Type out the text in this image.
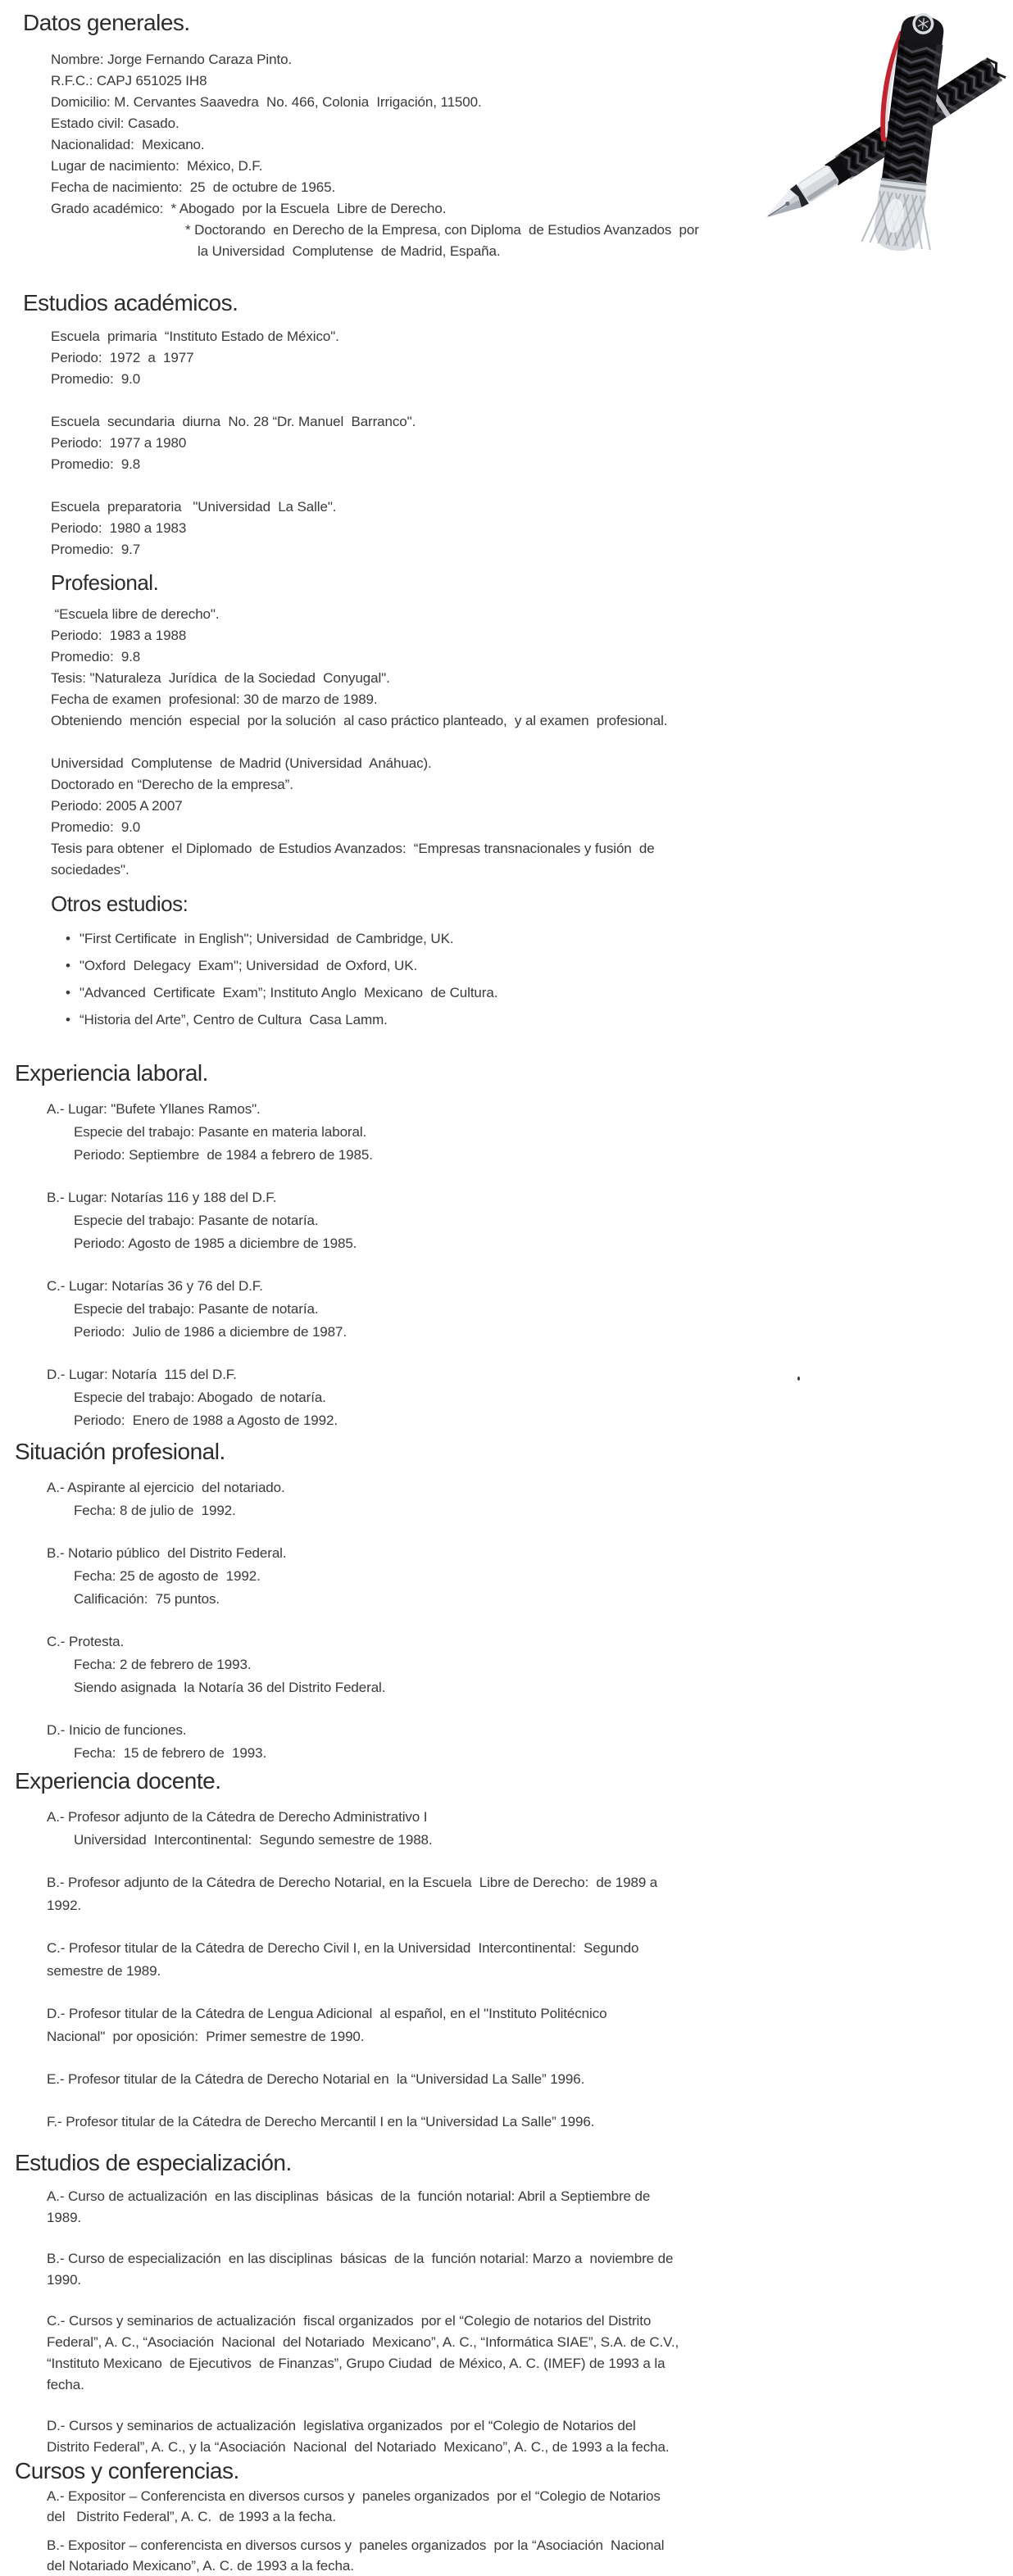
Datos generales.
Nombre: Jorge Fernando Caraza Pinto.
R.F.C.: CAPJ 651025 IH8
Domicilio: M. Cervantes Saavedra  No. 466, Colonia  Irrigación, 11500.
Estado civil: Casado.
Nacionalidad:  Mexicano.
Lugar de nacimiento:  México, D.F.
Fecha de nacimiento:  25  de octubre de 1965.
Grado académico:  * Abogado  por la Escuela  Libre de Derecho.
* Doctorando  en Derecho de la Empresa, con Diploma  de Estudios Avanzados  por
la Universidad  Complutense  de Madrid, España.
Estudios académicos.
Escuela  primaria  “Instituto Estado de México".
Periodo:  1972  a  1977
Promedio:  9.0
Escuela  secundaria  diurna  No. 28 “Dr. Manuel  Barranco".
Periodo:  1977 a 1980
Promedio:  9.8
Escuela  preparatoria   "Universidad  La Salle".
Periodo:  1980 a 1983
Promedio:  9.7
Profesional.
“Escuela libre de derecho".
Periodo:  1983 a 1988
Promedio:  9.8
Tesis: "Naturaleza  Jurídica  de la Sociedad  Conyugal".
Fecha de examen  profesional: 30 de marzo de 1989.
Obteniendo  mención  especial  por la solución  al caso práctico planteado,  y al examen  profesional.
Universidad  Complutense  de Madrid (Universidad  Anáhuac).
Doctorado en “Derecho de la empresa”.
Periodo: 2005 A 2007
Promedio:  9.0
Tesis para obtener  el Diplomado  de Estudios Avanzados:  “Empresas transnacionales y fusión  de
sociedades".
Otros estudios:
• "First Certificate  in English"; Universidad  de Cambridge, UK.
• "Oxford  Delegacy  Exam"; Universidad  de Oxford, UK.
• "Advanced  Certificate  Exam”; Instituto Anglo  Mexicano  de Cultura.
• “Historia del Arte”, Centro de Cultura  Casa Lamm.
Experiencia laboral.
A.- Lugar: "Bufete Yllanes Ramos".
Especie del trabajo: Pasante en materia laboral.
Periodo: Septiembre  de 1984 a febrero de 1985.
B.- Lugar: Notarías 116 y 188 del D.F.
Especie del trabajo: Pasante de notaría.
Periodo: Agosto de 1985 a diciembre de 1985.
C.- Lugar: Notarías 36 y 76 del D.F.
Especie del trabajo: Pasante de notaría.
Periodo:  Julio de 1986 a diciembre de 1987.
D.- Lugar: Notaría  115 del D.F.
Especie del trabajo: Abogado  de notaría.
Periodo:  Enero de 1988 a Agosto de 1992.
Situación profesional.
A.- Aspirante al ejercicio  del notariado.
Fecha: 8 de julio de  1992.
B.- Notario público  del Distrito Federal.
Fecha: 25 de agosto de  1992.
Calificación:  75 puntos.
C.- Protesta.
Fecha: 2 de febrero de 1993.
Siendo asignada  la Notaría 36 del Distrito Federal.
D.- Inicio de funciones.
Fecha:  15 de febrero de  1993.
Experiencia docente.
A.- Profesor adjunto de la Cátedra de Derecho Administrativo I
Universidad  Intercontinental:  Segundo semestre de 1988.
B.- Profesor adjunto de la Cátedra de Derecho Notarial, en la Escuela  Libre de Derecho:  de 1989 a
1992.
C.- Profesor titular de la Cátedra de Derecho Civil I, en la Universidad  Intercontinental:  Segundo
semestre de 1989.
D.- Profesor titular de la Cátedra de Lengua Adicional  al español, en el "Instituto Politécnico
Nacional"  por oposición:  Primer semestre de 1990.
E.- Profesor titular de la Cátedra de Derecho Notarial en  la “Universidad La Salle” 1996.
F.- Profesor titular de la Cátedra de Derecho Mercantil I en la “Universidad La Salle” 1996.
Estudios de especialización.
A.- Curso de actualización  en las disciplinas  básicas  de la  función notarial: Abril a Septiembre de
1989.
B.- Curso de especialización  en las disciplinas  básicas  de la  función notarial: Marzo a  noviembre de
1990.
C.- Cursos y seminarios de actualización  fiscal organizados  por el “Colegio de notarios del Distrito
Federal”, A. C., “Asociación  Nacional  del Notariado  Mexicano”, A. C., “Informática SIAE”, S.A. de C.V.,
“Instituto Mexicano  de Ejecutivos  de Finanzas”, Grupo Ciudad  de México, A. C. (IMEF) de 1993 a la
fecha.
D.- Cursos y seminarios de actualización  legislativa organizados  por el “Colegio de Notarios del
Distrito Federal”, A. C., y la “Asociación  Nacional  del Notariado  Mexicano”, A. C., de 1993 a la fecha.
Cursos y conferencias.
A.- Expositor – Conferencista en diversos cursos y  paneles organizados  por el “Colegio de Notarios
del   Distrito Federal”, A. C.  de 1993 a la fecha.
B.- Expositor – conferencista en diversos cursos y  paneles organizados  por la “Asociación  Nacional
del Notariado Mexicano”, A. C. de 1993 a la fecha.
